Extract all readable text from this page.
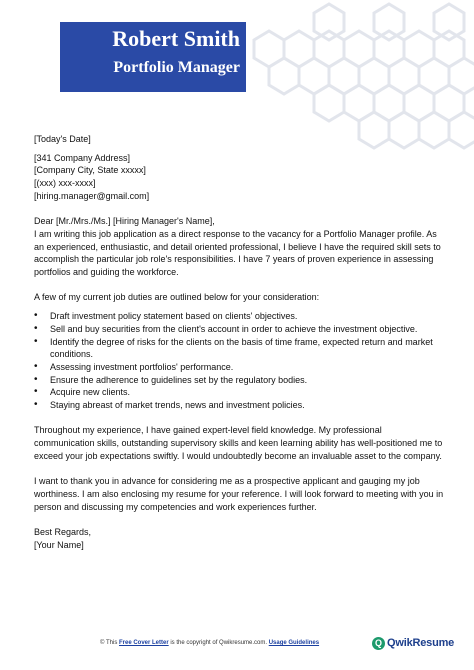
Robert Smith
Portfolio Manager

[Today's Date]

[341 Company Address]

[Company City, State xxxxx]

[(xxx) xxx-xxxx]

[hiring.manager@gmail.com]

Dear [Mr./Mrs./Ms.] [Hiring Manager's Name],

I am writing this job application as a direct response to the vacancy for a Portfolio Manager profile. As an experienced, enthusiastic, and detail oriented professional, I believe I have the required skill sets to accomplish the particular job role's responsibilities. I have 7 years of proven experience in assessing portfolios and guiding the workforce.

A few of my current job duties are outlined below for your consideration:

• Draft investment policy statement based on clients' objectives.
• Sell and buy securities from the client's account in order to achieve the investment objective.
• Identify the degree of risks for the clients on the basis of time frame, expected return and market conditions.
• Assessing investment portfolios' performance.
• Ensure the adherence to guidelines set by the regulatory bodies.
• Acquire new clients.
• Staying abreast of market trends, news and investment policies.

Throughout my experience, I have gained expert-level field knowledge. My professional communication skills, outstanding supervisory skills and keen learning ability has well-positioned me to exceed your job expectations swiftly. I would undoubtedly become an invaluable asset to the company.

I want to thank you in advance for considering me as a prospective applicant and gauging my job worthiness. I am also enclosing my resume for your reference. I will look forward to meeting with you in person and discussing my competencies and work experiences further.

Best Regards,

[Your Name]

© This Free Cover Letter is the copyright of Qwikresume.com. Usage Guidelines	Q QwikResume
